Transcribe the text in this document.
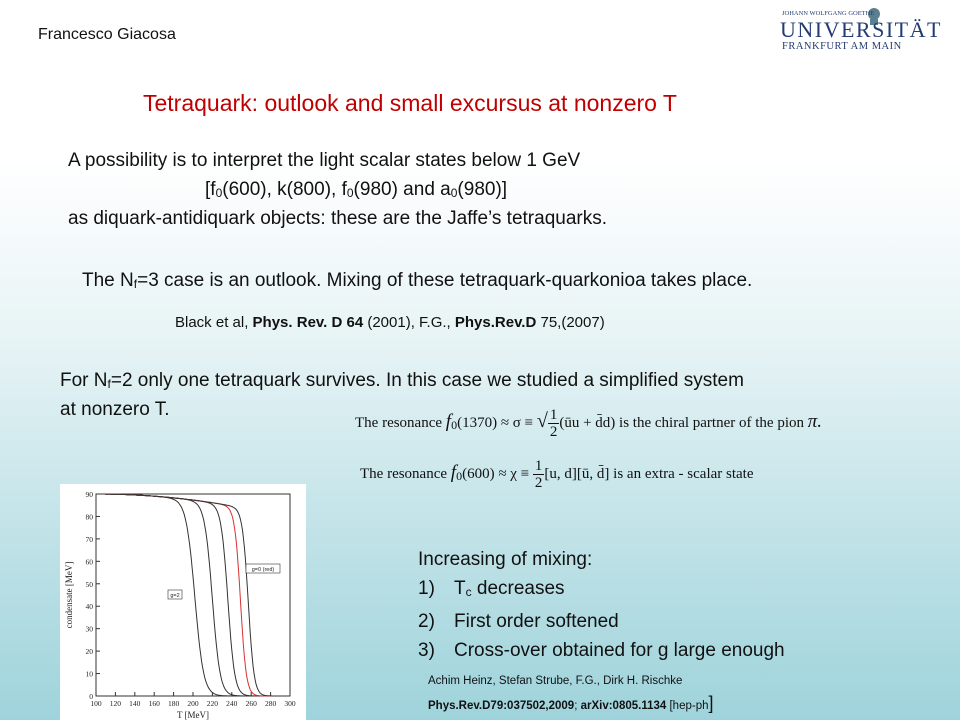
Francesco Giacosa
JOHANN WOLFGANG GOETHE
UNIVERSITÄT
FRANKFURT AM MAIN
Tetraquark: outlook and small excursus at nonzero T
A possibility is to interpret the light scalar states below 1 GeV
[$f_0(600)$, k(800), $f_0(980)$ and $a_0(980)$]
as diquark-antidiquark objects: these are the Jaffe’s tetraquarks.
The $N_f=3$ case is an outlook. Mixing of these tetraquark-quarkonioa takes place.
Black et al, Phys. Rev. D 64 (2001), F.G., Phys.Rev.D 75,(2007)
For $N_f=2$ only one tetraquark survives. In this case we studied a simplified system
at nonzero T.
The resonance $f_0(1370) \approx \sigma$ ≡ √ $\frac{1}{2}$ (ūu + d̄d) is the chiral partner of the pion π.
The resonance $f_0(600) \approx \chi \equiv \frac{1}{2} [u$, d][ū, d̄] is an extra - scalar state
100 120 140 160 180 200 220 240 260 280 300
0
10
20
30
40
50
60
70
80
90
T [MeV]
condensate [MeV]	g=2
g=0 (red)	Increasing of mixing:
1)	$T_c$ decreases
2)	First order softened
3)	Cross-over obtained for g large enough
Achim Heinz, Stefan Strube, F.G., Dirk H. Rischke
Phys.Rev.D79:037502,2009; arXiv:0805.1134 [hep-ph]
